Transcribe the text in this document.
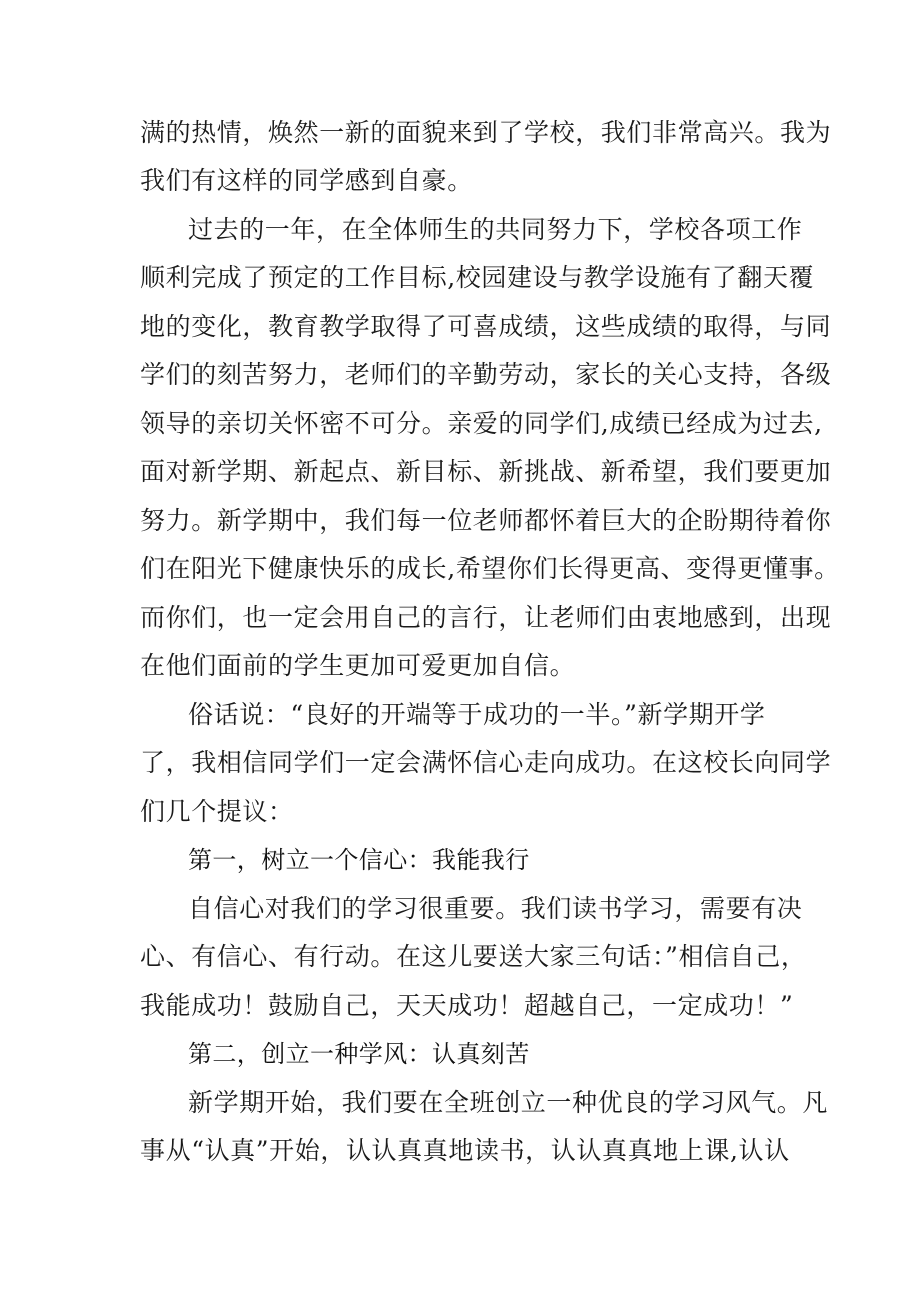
满的热情，焕然一新的面貌来到了学校，我们非常高兴。我为
我们有这样的同学感到自豪。
过去的一年，在全体师生的共同努力下，学校各项工作
顺利完成了预定的工作目标,校园建设与教学设施有了翻天覆
地的变化，教育教学取得了可喜成绩，这些成绩的取得，与同
学们的刻苦努力，老师们的辛勤劳动，家长的关心支持，各级
领导的亲切关怀密不可分。亲爱的同学们,成绩已经成为过去,
面对新学期、新起点、新目标、新挑战、新希望，我们要更加
努力。新学期中，我们每一位老师都怀着巨大的企盼期待着你
们在阳光下健康快乐的成长,希望你们长得更高、变得更懂事。
而你们，也一定会用自己的言行，让老师们由衷地感到，出现
在他们面前的学生更加可爱更加自信。
俗话说：“良好的开端等于成功的一半。”新学期开学
了，我相信同学们一定会满怀信心走向成功。在这校长向同学
们几个提议：
第一，树立一个信心：我能我行
自信心对我们的学习很重要。我们读书学习，需要有决
心、有信心、有行动。在这儿要送大家三句话：”相信自己，
我能成功！鼓励自己，天天成功！超越自己，一定成功！”
第二，创立一种学风：认真刻苦
新学期开始，我们要在全班创立一种优良的学习风气。凡
事从“认真”开始，认认真真地读书，认认真真地上课,认认
